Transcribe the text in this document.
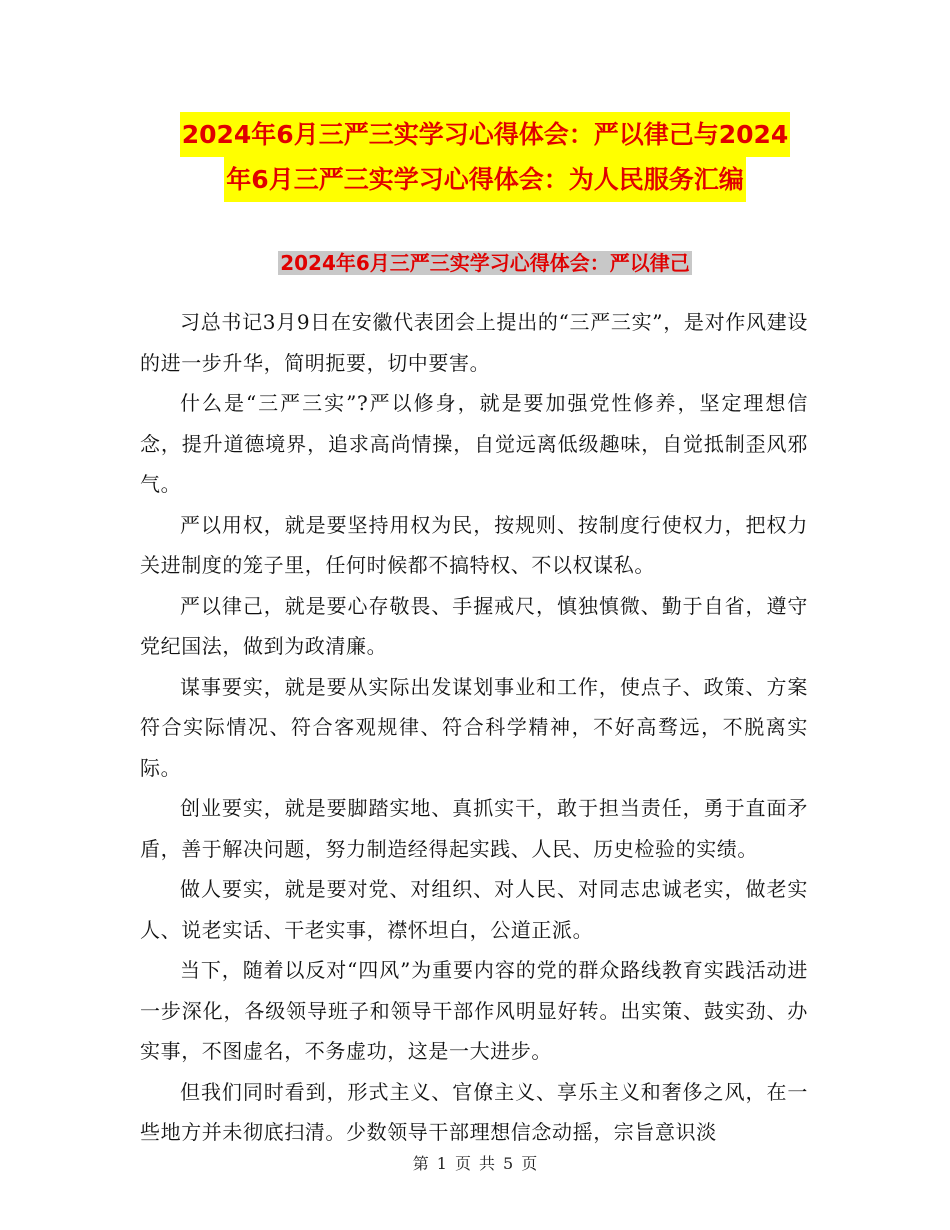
2024年6月三严三实学习心得体会：严以律己与2024
年6月三严三实学习心得体会：为人民服务汇编
2024年6月三严三实学习心得体会：严以律己

习总书记3月9日在安徽代表团会上提出的“三严三实”，是对作风建设的进一步升华，简明扼要，切中要害。

什么是“三严三实”?严以修身，就是要加强党性修养，坚定理想信念，提升道德境界，追求高尚情操，自觉远离低级趣味，自觉抵制歪风邪气。

严以用权，就是要坚持用权为民，按规则、按制度行使权力，把权力关进制度的笼子里，任何时候都不搞特权、不以权谋私。

严以律己，就是要心存敬畏、手握戒尺，慎独慎微、勤于自省，遵守党纪国法，做到为政清廉。

谋事要实，就是要从实际出发谋划事业和工作，使点子、政策、方案符合实际情况、符合客观规律、符合科学精神，不好高骛远，不脱离实际。

创业要实，就是要脚踏实地、真抓实干，敢于担当责任，勇于直面矛盾，善于解决问题，努力制造经得起实践、人民、历史检验的实绩。

做人要实，就是要对党、对组织、对人民、对同志忠诚老实，做老实人、说老实话、干老实事，襟怀坦白，公道正派。

当下，随着以反对“四风”为重要内容的党的群众路线教育实践活动进一步深化，各级领导班子和领导干部作风明显好转。出实策、鼓实劲、办实事，不图虚名，不务虚功，这是一大进步。

但我们同时看到，形式主义、官僚主义、享乐主义和奢侈之风，在一些地方并未彻底扫清。少数领导干部理想信念动摇，宗旨意识淡

第 1 页 共 5 页
